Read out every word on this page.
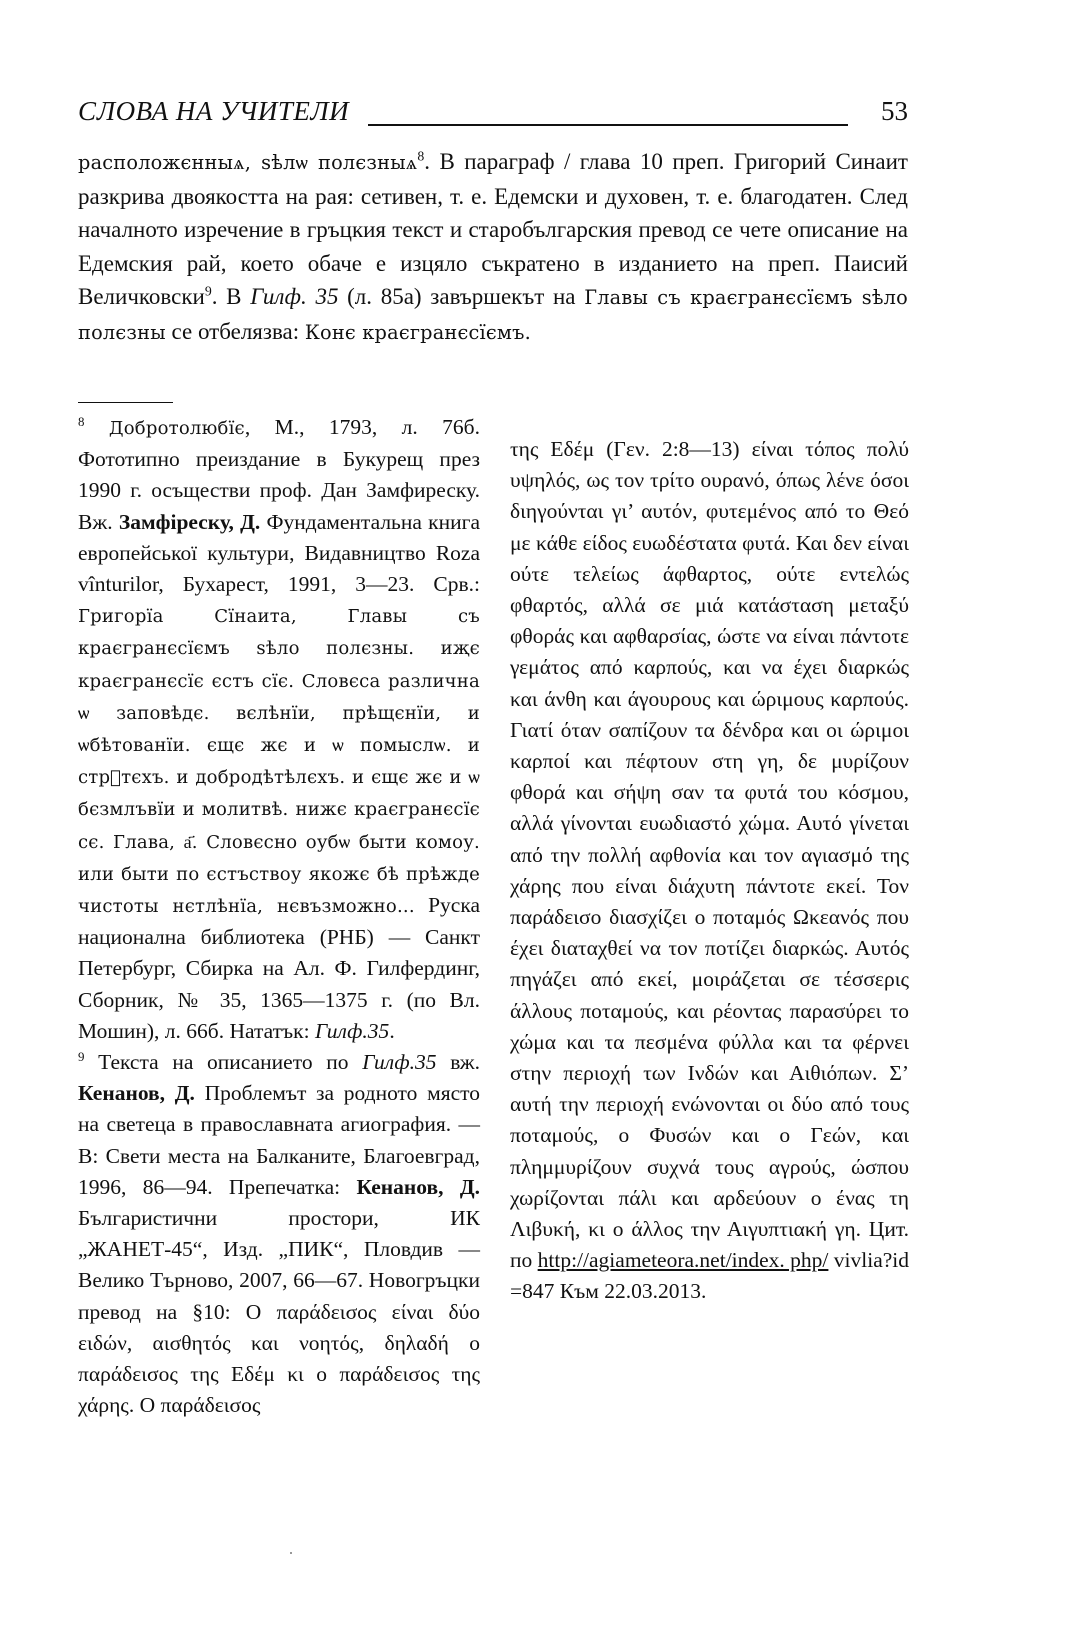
СЛОВА НА УЧИТЕЛИ	53

расположєнныѧ, ѕѣлѡ полєзныѧ$^8$. В параграф / глава 10 преп. Григорий Синаит разкрива двоякостта на рая: сетивен, т. е. Едемски и духовен, т. е. благодатен. След началното изречение в гръцкия текст и старобългарския превод се чете описание на Едемския рай, което обаче е изцяло съкратено в изданието на преп. Паисий Величковски$^9$. В Гилф. 35 (л. 85а) завършекът на Главы съ краєгранєсїємъ ѕѣло полєзны се отбелязва: Конє краєгранєсїємъ.

$^8$ Добротолюбїє, М., 1793, л. 76б. Фототипно преиздание в Букурещ през 1990 г. осъществи проф. Дан Замфиреску. Вж. Замфіреску, Д. Фундаментальна книга европейськоï культури, Видавництво Roza vînturilor, Бухарест, 1991, 3—23. Срв.: Григорїа Сїнаита, Главы съ краєгранєсїємъ ѕѣло полєзны. иҗє краєгранєсїє єстъ сїє. Словєса различна ѡ заповѣдє. вєлѣнїи, прѣщєнїи, и ѡбѣтованїи. єщє жє и ѡ помыслѡ. и стрᷮтєхъ. и добродѣтѣлєхъ. и єщє жє и ѡ бєзмлъвїи и молитвѣ. нижє краєгранєсїє сє. Глава, а҃. Словєсно оубѡ быти комоу. или быти по єстъствоу якожє бѣ прѣжде чистоты нєтлѣнїа, нєвъзможно... Руска национална библиотека (РНБ) — Санкт Петербург, Сбирка на Ал. Ф. Гилфердинг, Сборник, № 35, 1365—1375 г. (по Вл. Мошин), л. 66б. Нататък: Гилф.35.

$^9$ Текста на описанието по Гилф.35 вж. Кенанов, Д. Проблемът за родното място на светеца в православната агиография. — В: Свети места на Балканите, Благоевград, 1996, 86—94. Препечатка: Кенанов, Д. Българистични простори, ИК „ЖАНЕТ-45“, Изд. „ПИК“, Пловдив — Велико Търново, 2007, 66—67. Новогръцки превод на §10: Ο παράδεισος είναι δύο ειδών, αισθητός και νοητός, δηλαδή ο παράδεισος της Εδέμ κι ο παράδεισος της χάρης. Ο παράδεισος

της Εδέμ (Γεν. 2:8—13) είναι τόπος πολύ υψηλός, ως τον τρίτο ουρανό, όπως λένε όσοι διηγούνται γι’ αυτόν, φυτεμένος από το Θεό με κάθε είδος ευωδέστατα φυτά. Και δεν είναι ούτε τελείως άφθαρτος, ούτε εντελώς φθαρτός, αλλά σε μιά κατάσταση μεταξύ φθοράς και αφθαρσίας, ώστε να είναι πάντοτε γεμάτος από καρπούς, και να έχει διαρκώς και άνθη και άγουρους και ώριμους καρπούς. Γιατί όταν σαπίζουν τα δένδρα και οι ώριμοι καρποί και πέφτουν στη γη, δε μυρίζουν φθορά και σήψη σαν τα φυτά του κόσμου, αλλά γίνονται ευωδιαστό χώμα. Αυτό γίνεται από την πολλή αφθονία και τον αγιασμό της χάρης που είναι διάχυτη πάντοτε εκεί. Τον παράδεισο διασχίζει ο ποταμός Ωκεανός που έχει διαταχθεί να τον ποτίζει διαρκώς. Αυτός πηγάζει από εκεί, μοιράζεται σε τέσσερις άλλους ποταμούς, και ρέοντας παρασύρει το χώμα και τα πεσμένα φύλλα και τα φέρνει στην περιοχή των Ινδών και Αιθιόπων. Σ’ αυτή την περιοχή ενώνονται οι δύο από τους ποταμούς, ο Φυσών και ο Γεών, και πλημμυρίζουν συχνά τους αγρούς, ώσπου χωρίζονται πάλι και αρδεύουν ο ένας τη Λιβυκή, κι ο άλλος την Αιγυπτιακή γη. Цит. по http://agiameteora.net/index. php/ vivlia?id =847 Към 22.03.2013.
